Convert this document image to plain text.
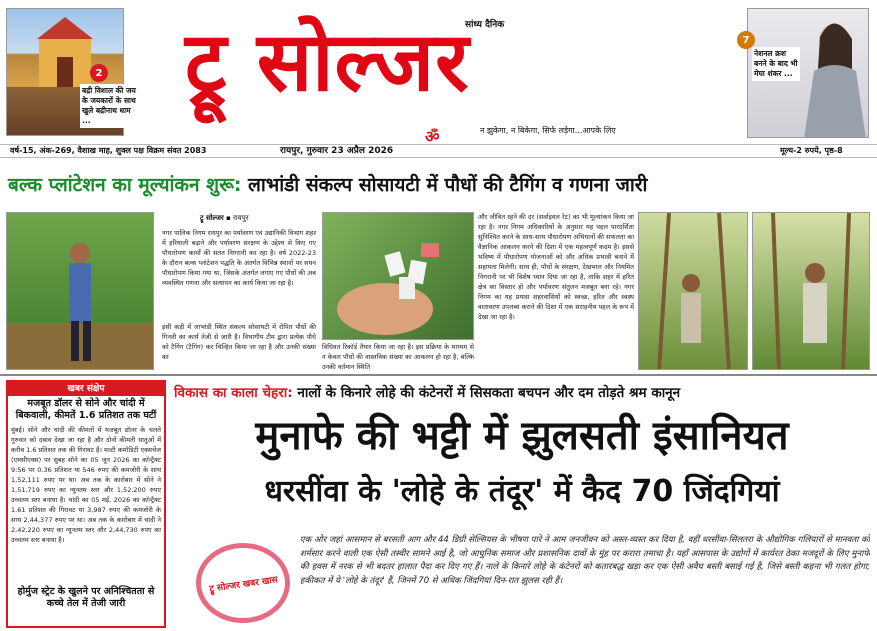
2
बद्री विशाल की जय के जयकारों के साथ खुले बद्रीनाथ धाम ...
सांध्य दैनिक
ट्रू सोल्जर
न झुकेगा, न बिकेगा, सिर्फ लड़ेगा...आपके लिए
ॐ
7
नेशनल क्रश बनने के बाद भी मेघा शंकर ...
वर्ष-15, अंक-269, वैशाख माह, शुक्ल पक्ष विक्रम संवत 2083	रायपुर, गुरुवार 23 अप्रैल 2026	मूल्य-2 रुपये, पृष्ठ-8
बल्क प्लांटेशन का मूल्यांकन शुरू: लाभांडी संकल्प सोसायटी में पौधों की टैगिंग व गणना जारी
ट्रू सोल्जर ▪ रायपुर
नगर पालिक निगम रायपुर का पर्यावरण एवं उद्यानिकी विभाग शहर में हरियाली बढ़ाने और पर्यावरण संरक्षण के उद्देश्य से किए गए पौधारोपण कार्यों की सतत निगरानी कर रहा है। वर्ष 2022-23 के दौरान बल्क प्लांटेशन पद्धति के अंतर्गत विभिन्न स्थानों पर सघन पौधारोपण किया गया था, जिसके अंतर्गत लगाए गए पौधों की अब व्यवस्थित गणना और सत्यापन का कार्य किया जा रहा है।
इसी कड़ी में लाभांडी स्थित संकल्प सोसायटी में रोपित पौधों की गिनती का कार्य तेजी से जारी है। विभागीय टीम द्वारा प्रत्येक पौधे को टैगिंग (टैगिंग) कर चिन्हित किया जा रहा है और उनकी संख्या का
विधिवत रिकॉर्ड तैयार किया जा रहा है। इस प्रक्रिया के माध्यम से न केवल पौधों की वास्तविक संख्या का आकलन हो रहा है, बल्कि उनकी वर्तमान स्थिति
और जीवित रहने की दर (सर्वाइवल रेट) का भी मूल्यांकन किया जा रहा है। नगर निगम अधिकारियों के अनुसार यह पहल पारदर्शिता सुनिश्चित करने के साथ-साथ पौधारोपण अभियानों की सफलता का वैज्ञानिक आकलन करने की दिशा में एक महत्वपूर्ण कदम है। इससे भविष्य में पौधारोपण योजनाओं को और अधिक प्रभावी बनाने में सहायता मिलेगी। साथ ही, पौधों के संरक्षण, देखभाल और नियमित निगरानी पर भी विशेष ध्यान दिया जा रहा है, ताकि शहर में हरित क्षेत्र का विस्तार हो और पर्यावरण संतुलन मजबूत बना रहे। नगर निगम का यह प्रयास शहरवासियों को स्वच्छ, हरित और स्वस्थ वातावरण उपलब्ध कराने की दिशा में एक सराहनीय पहल के रूप में देखा जा रहा है।
खबर संक्षेप
मजबूत डॉलर से सोने और चांदी में बिकवाली, कीमतें 1.6 प्रतिशत तक घटीं
मुंबई। सोने और चांदी की कीमतों में मजबूत डॉलर के चलते गुरुवार को दबाव देखा जा रहा है और दोनों कीमती धातुओं में करीब 1.6 प्रतिशत तक की गिरावट है। मल्टी कमोडिटी एक्सचेंज (एमसीएक्स) पर सुबह सोने का 05 जून 2026 का कॉन्ट्रैक्ट 9:56 पर 0.36 प्रतिशत या 546 रुपए की कमजोरी के साथ 1,52,111 रुपए पर था। अब तक के कारोबार में सोने ने 1,51,719 रुपए का न्यूनतम स्तर और 1,52,200 रुपए उच्चतम स्तर बनाया है। चांदी का 05 मई, 2026 का कॉन्ट्रैक्ट 1.61 प्रतिशत की गिरावट या 3,987 रुपए की कमजोरी के साथ 2,44,377 रुपए पर था। अब तक के कारोबार में चांदी ने 2,42,220 रुपए का न्यूनतम स्तर और 2,44,730 रुपए का उच्चतम स्तर बनाया है।
होर्मुज स्ट्रेट के खुलने पर अनिश्चितता से कच्चे तेल में तेजी जारी
विकास का काला चेहरा: नालों के किनारे लोहे की कंटेनरों में सिसकता बचपन और दम तोड़ते श्रम कानून
मुनाफे की भट्टी में झुलसती इंसानियत
धरसींवा के 'लोहे के तंदूर' में कैद 70 जिंदगियां
ट्रू सोल्जर खबर खास
एक ओर जहां आसमान से बरसती आग और 44 डिग्री सेल्सियस के भीषण पारे ने आम जनजीवन को अस्त-व्यस्त कर दिया है, वहीं धरसींवा-सिलतरा के औद्योगिक गलियारों से मानवता को शर्मसार करने वाली एक ऐसी तस्वीर सामने आई है, जो आधुनिक समाज और प्रशासनिक दावों के मुंह पर करारा तमाचा है। यहाँ आसपास के उद्योगों में कार्यरत ठेका मजदूरों के लिए मुनाफे की हवस में नरक से भी बदतर हालात पैदा कर दिए गए हैं। नाले के किनारे लोहे के कंटेनरों को कतारबद्ध खड़ा कर एक ऐसी अवैध बस्ती बसाई गई है, जिसे बस्ती कहना भी गलत होगा; हकीकत में ये 'लोहे के तंदूर' हैं, जिनमें 70 से अधिक जिंदगियां दिन-रात झुलस रही हैं।
